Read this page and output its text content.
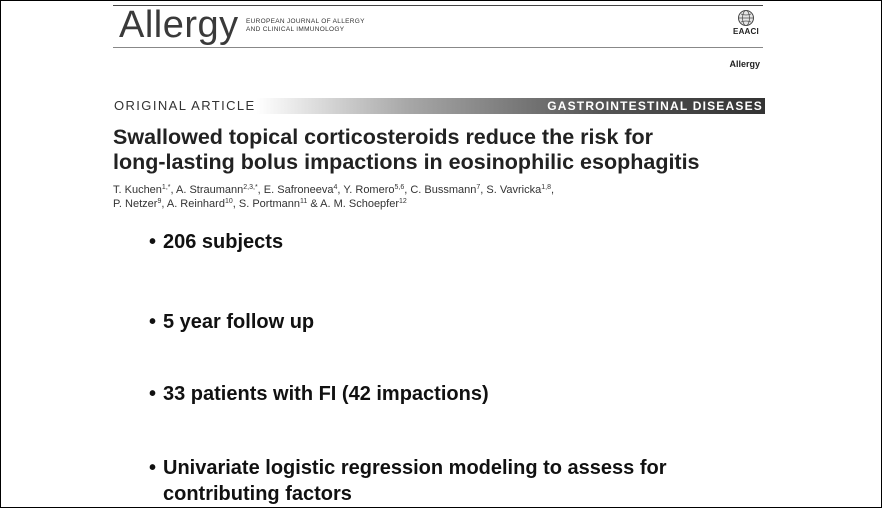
Allergy EUROPEAN JOURNAL OF ALLERGY
AND CLINICAL IMMUNOLOGY	EAACI
Allergy
ORIGINAL ARTICLE	GASTROINTESTINAL DISEASES
Swallowed topical corticosteroids reduce the risk for
long-lasting bolus impactions in eosinophilic esophagitis
T. Kuchen$^{1,*}$, A. Straumann$^{2,3,*}$, E. Safroneeva$^4$, Y. Romero$^{5,6}$, C. Bussmann$^7$, S. Vavricka$^{1,8}$,
P. Netzer$^9$, A. Reinhard$^{10}$, S. Portmann$^{11}$ & A. M. Schoepfer$^{12}$
• 206 subjects
• 5 year follow up
• 33 patients with FI (42 impactions)
• Univariate logistic regression modeling to assess for
contributing factors
